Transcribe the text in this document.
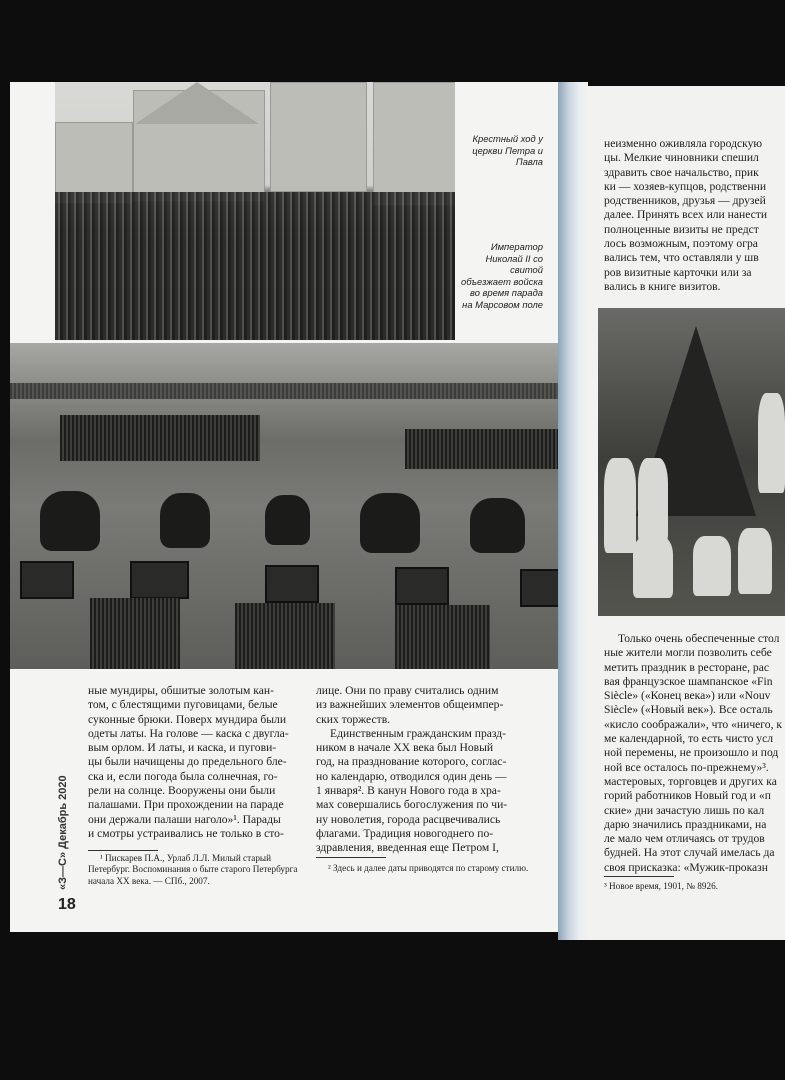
Крестный ход у церкви Петра и Павла
Император Николай II со свитой объезжает войска во время парада на Марсовом поле
ные мундиры, обшитые золотым кан-
том, с блестящими пуговицами, белые
суконные брюки. Поверх мундира были
одеты латы. На голове — каска с двугла-
вым орлом. И латы, и каска, и пугови-
цы были начищены до предельного бле-
ска и, если погода была солнечная, го-
рели на солнце. Вооружены они были
палашами. При прохождении на параде
они держали палаши наголо»¹. Парады
и смотры устраивались не только в сто-
¹ Пискарев П.А., Урлаб Л.Л. Милый старый Петербург. Воспоминания о быте старого Петербурга начала XX века. — СПб., 2007.
лице. Они по праву считались одним
из важнейших элементов общеимпер-
ских торжеств.
Единственным гражданским празд-
ником в начале XX века был Новый
год, на празднование которого, соглас-
но календарю, отводился один день —
1 января². В канун Нового года в хра-
мах совершались богослужения по чи-
ну новолетия, города расцвечивались
флагами. Традиция новогоднего по-
здравления, введенная еще Петром I,
² Здесь и далее даты приводятся по старому стилю.
неизменно оживляла городскую
цы. Мелкие чиновники спешил
здравить свое начальство, прик
ки — хозяев-купцов, родственни
родственников, друзья — друзей
далее. Принять всех или нанести
полноценные визиты не предст
лось возможным, поэтому огра
вались тем, что оставляли у шв
ров визитные карточки или за
вались в книге визитов.
Только очень обеспеченные стол
ные жители могли позволить себе
метить праздник в ресторане, рас
вая французское шампанское «Fin
Siècle» («Конец века») или «Nouv
Siècle» («Новый век»). Все осталь
«кисло соображали», что «ничего, к
ме календарной, то есть чисто усл
ной перемены, не произошло и под
ной все осталось по-прежнему»³.
мастеровых, торговцев и других ка
горий работников Новый год и «п
ские» дни зачастую лишь по кал
дарю значились праздниками, на
ле мало чем отличаясь от трудов
будней. На этот случай имелась да
своя присказка: «Мужик-проказн
³ Новое время, 1901, № 8926.
«З—С» Декабрь 2020
18
